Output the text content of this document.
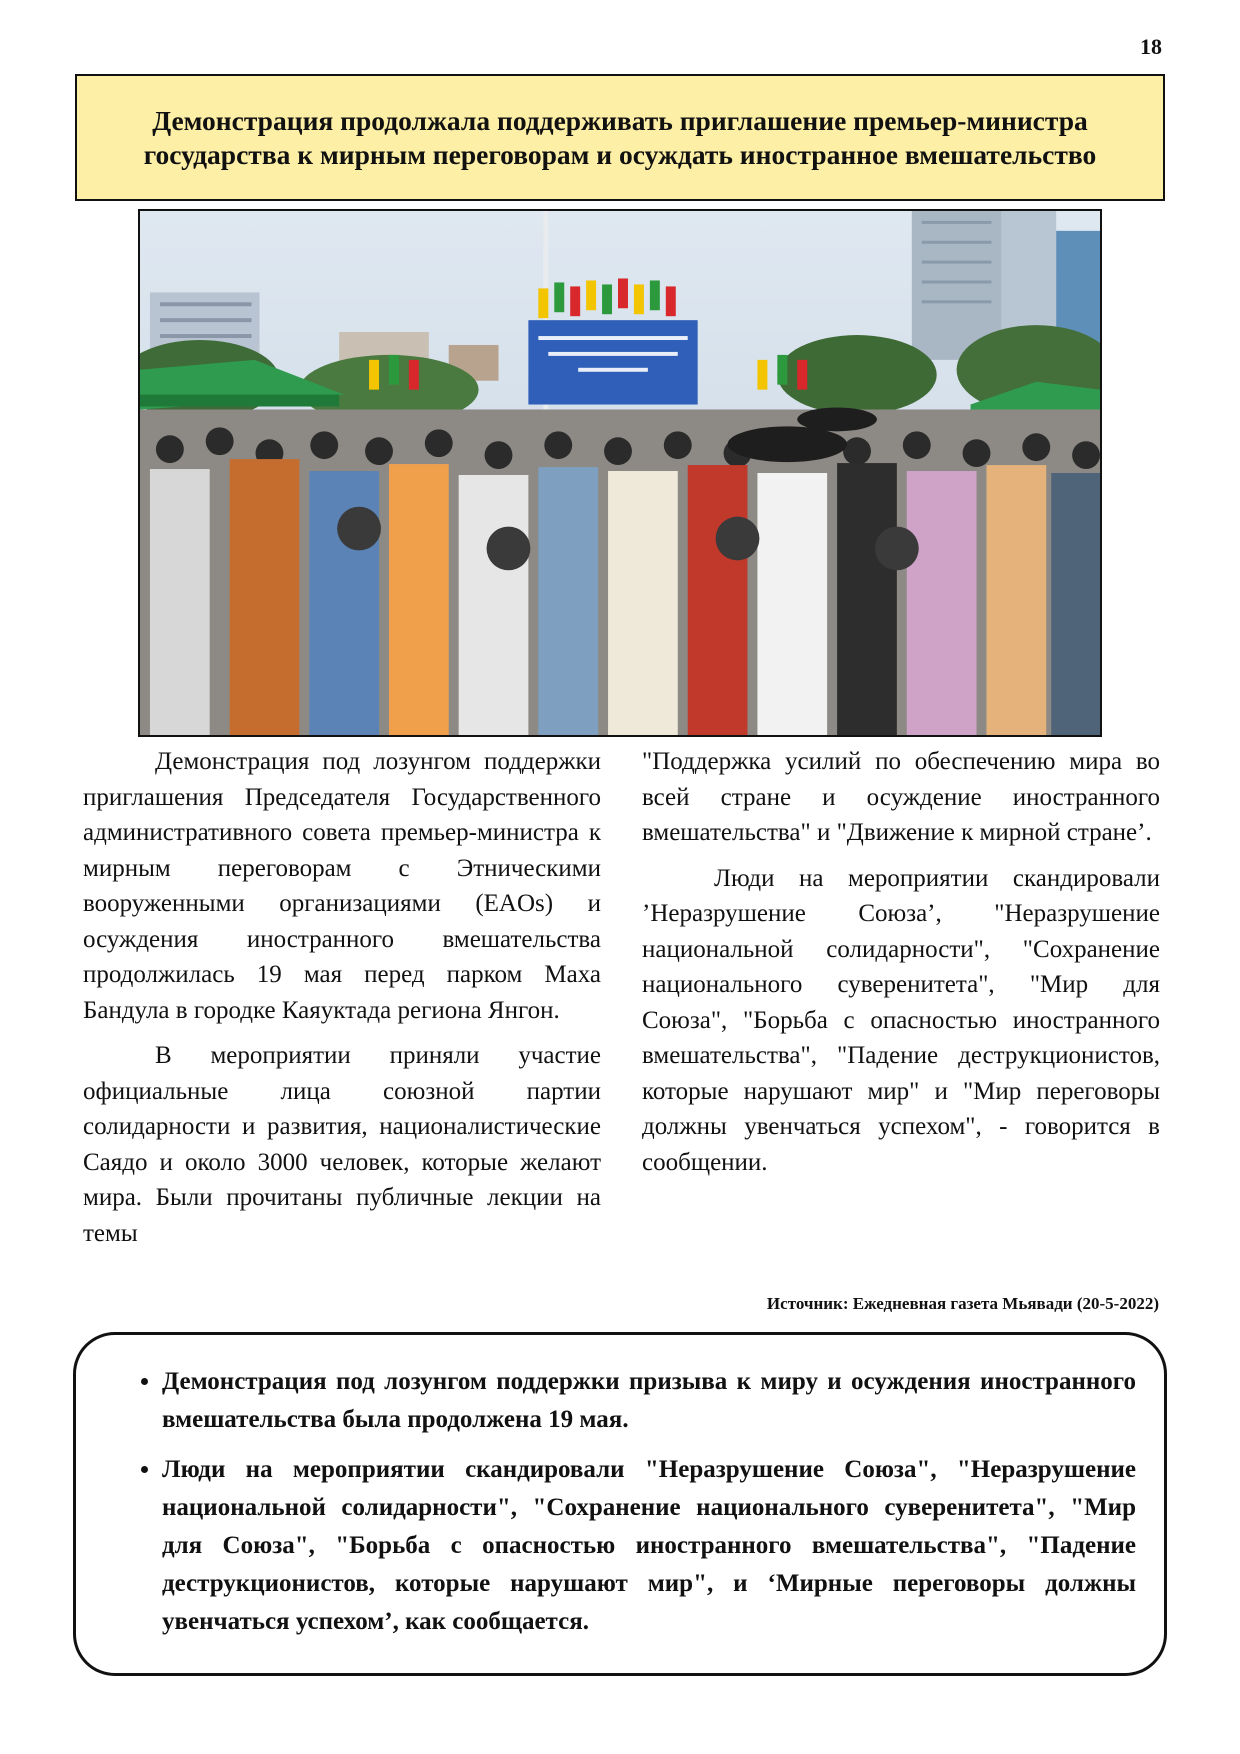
18
Демонстрация продолжала поддерживать приглашение премьер-министра государства к мирным переговорам и осуждать иностранное вмешательство

Демонстрация под лозунгом поддержки приглашения Председателя Государственного административного совета премьер-министра к мирным переговорам с Этническими вооруженными организациями (EAOs) и осуждения иностранного вмешательства продолжилась 19 мая перед парком Маха Бандула в городке Каяуктада региона Янгон.

В мероприятии приняли участие официальные лица союзной партии солидарности и развития, националистические Саядо и около 3000 человек, которые желают мира. Были прочитаны публичные лекции на темы

"Поддержка усилий по обеспечению мира во всей стране и осуждение иностранного вмешательства" и "Движение к мирной стране’.

Люди на мероприятии скандировали ’Неразрушение Союза’, "Неразрушение национальной солидарности", "Сохранение национального суверенитета", "Мир для Союза", "Борьба с опасностью иностранного вмешательства", "Падение деструкционистов, которые нарушают мир" и "Мир переговоры должны увенчаться успехом", - говорится в сообщении.

Источник: Ежедневная газета Мьявади (20-5-2022)

• Демонстрация под лозунгом поддержки призыва к миру и осуждения иностранного вмешательства была продолжена 19 мая.
• Люди на мероприятии скандировали "Неразрушение Союза", "Неразрушение национальной солидарности", "Сохранение национального суверенитета", "Мир для Союза", "Борьба с опасностью иностранного вмешательства", "Падение деструкционистов, которые нарушают мир", и ‘Мирные переговоры должны увенчаться успехом’, как сообщается.
